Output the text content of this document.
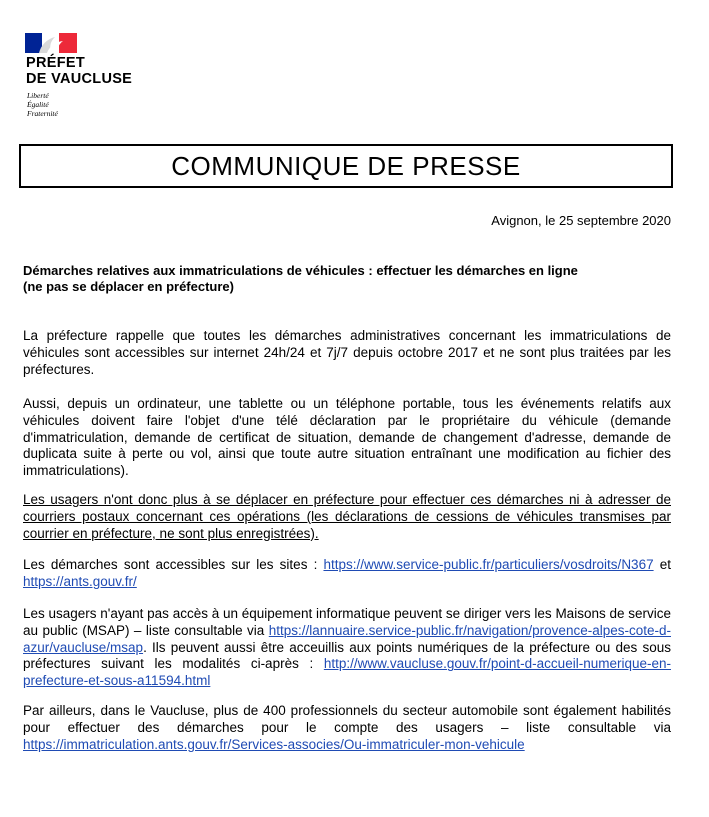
PRÉFET
DE VAUCLUSE
Liberté
Égalité
Fraternité
COMMUNIQUE DE PRESSE
Avignon, le 25 septembre 2020
Démarches relatives aux immatriculations de véhicules : effectuer les démarches en ligne
(ne pas se déplacer en préfecture)

La préfecture rappelle que toutes les démarches administratives concernant les immatriculations de véhicules sont accessibles sur internet 24h/24 et 7j/7 depuis octobre 2017 et ne sont plus traitées par les préfectures.

Aussi, depuis un ordinateur, une tablette ou un téléphone portable, tous les événements relatifs aux véhicules doivent faire l'objet d'une télé déclaration par le propriétaire du véhicule (demande d'immatriculation, demande de certificat de situation, demande de changement d'adresse, demande de duplicata suite à perte ou vol, ainsi que toute autre situation entraînant une modification au fichier des immatriculations).

Les usagers n'ont donc plus à se déplacer en préfecture pour effectuer ces démarches ni à adresser de courriers postaux concernant ces opérations (les déclarations de cessions de véhicules transmises par courrier en préfecture, ne sont plus enregistrées).

Les démarches sont accessibles sur les sites : https://www.service-public.fr/particuliers/vosdroits/N367 et https://ants.gouv.fr/

Les usagers n'ayant pas accès à un équipement informatique peuvent se diriger vers les Maisons de service au public (MSAP) – liste consultable via https://lannuaire.service-public.fr/navigation/provence-alpes-cote-d-azur/vaucluse/msap. Ils peuvent aussi être acceuillis aux points numériques de la préfecture ou des sous préfectures suivant les modalités ci-après : http://www.vaucluse.gouv.fr/point-d-accueil-numerique-en-prefecture-et-sous-a11594.html

Par ailleurs, dans le Vaucluse, plus de 400 professionnels du secteur automobile sont également habilités pour effectuer des démarches pour le compte des usagers – liste consultable via https://immatriculation.ants.gouv.fr/Services-associes/Ou-immatriculer-mon-vehicule
